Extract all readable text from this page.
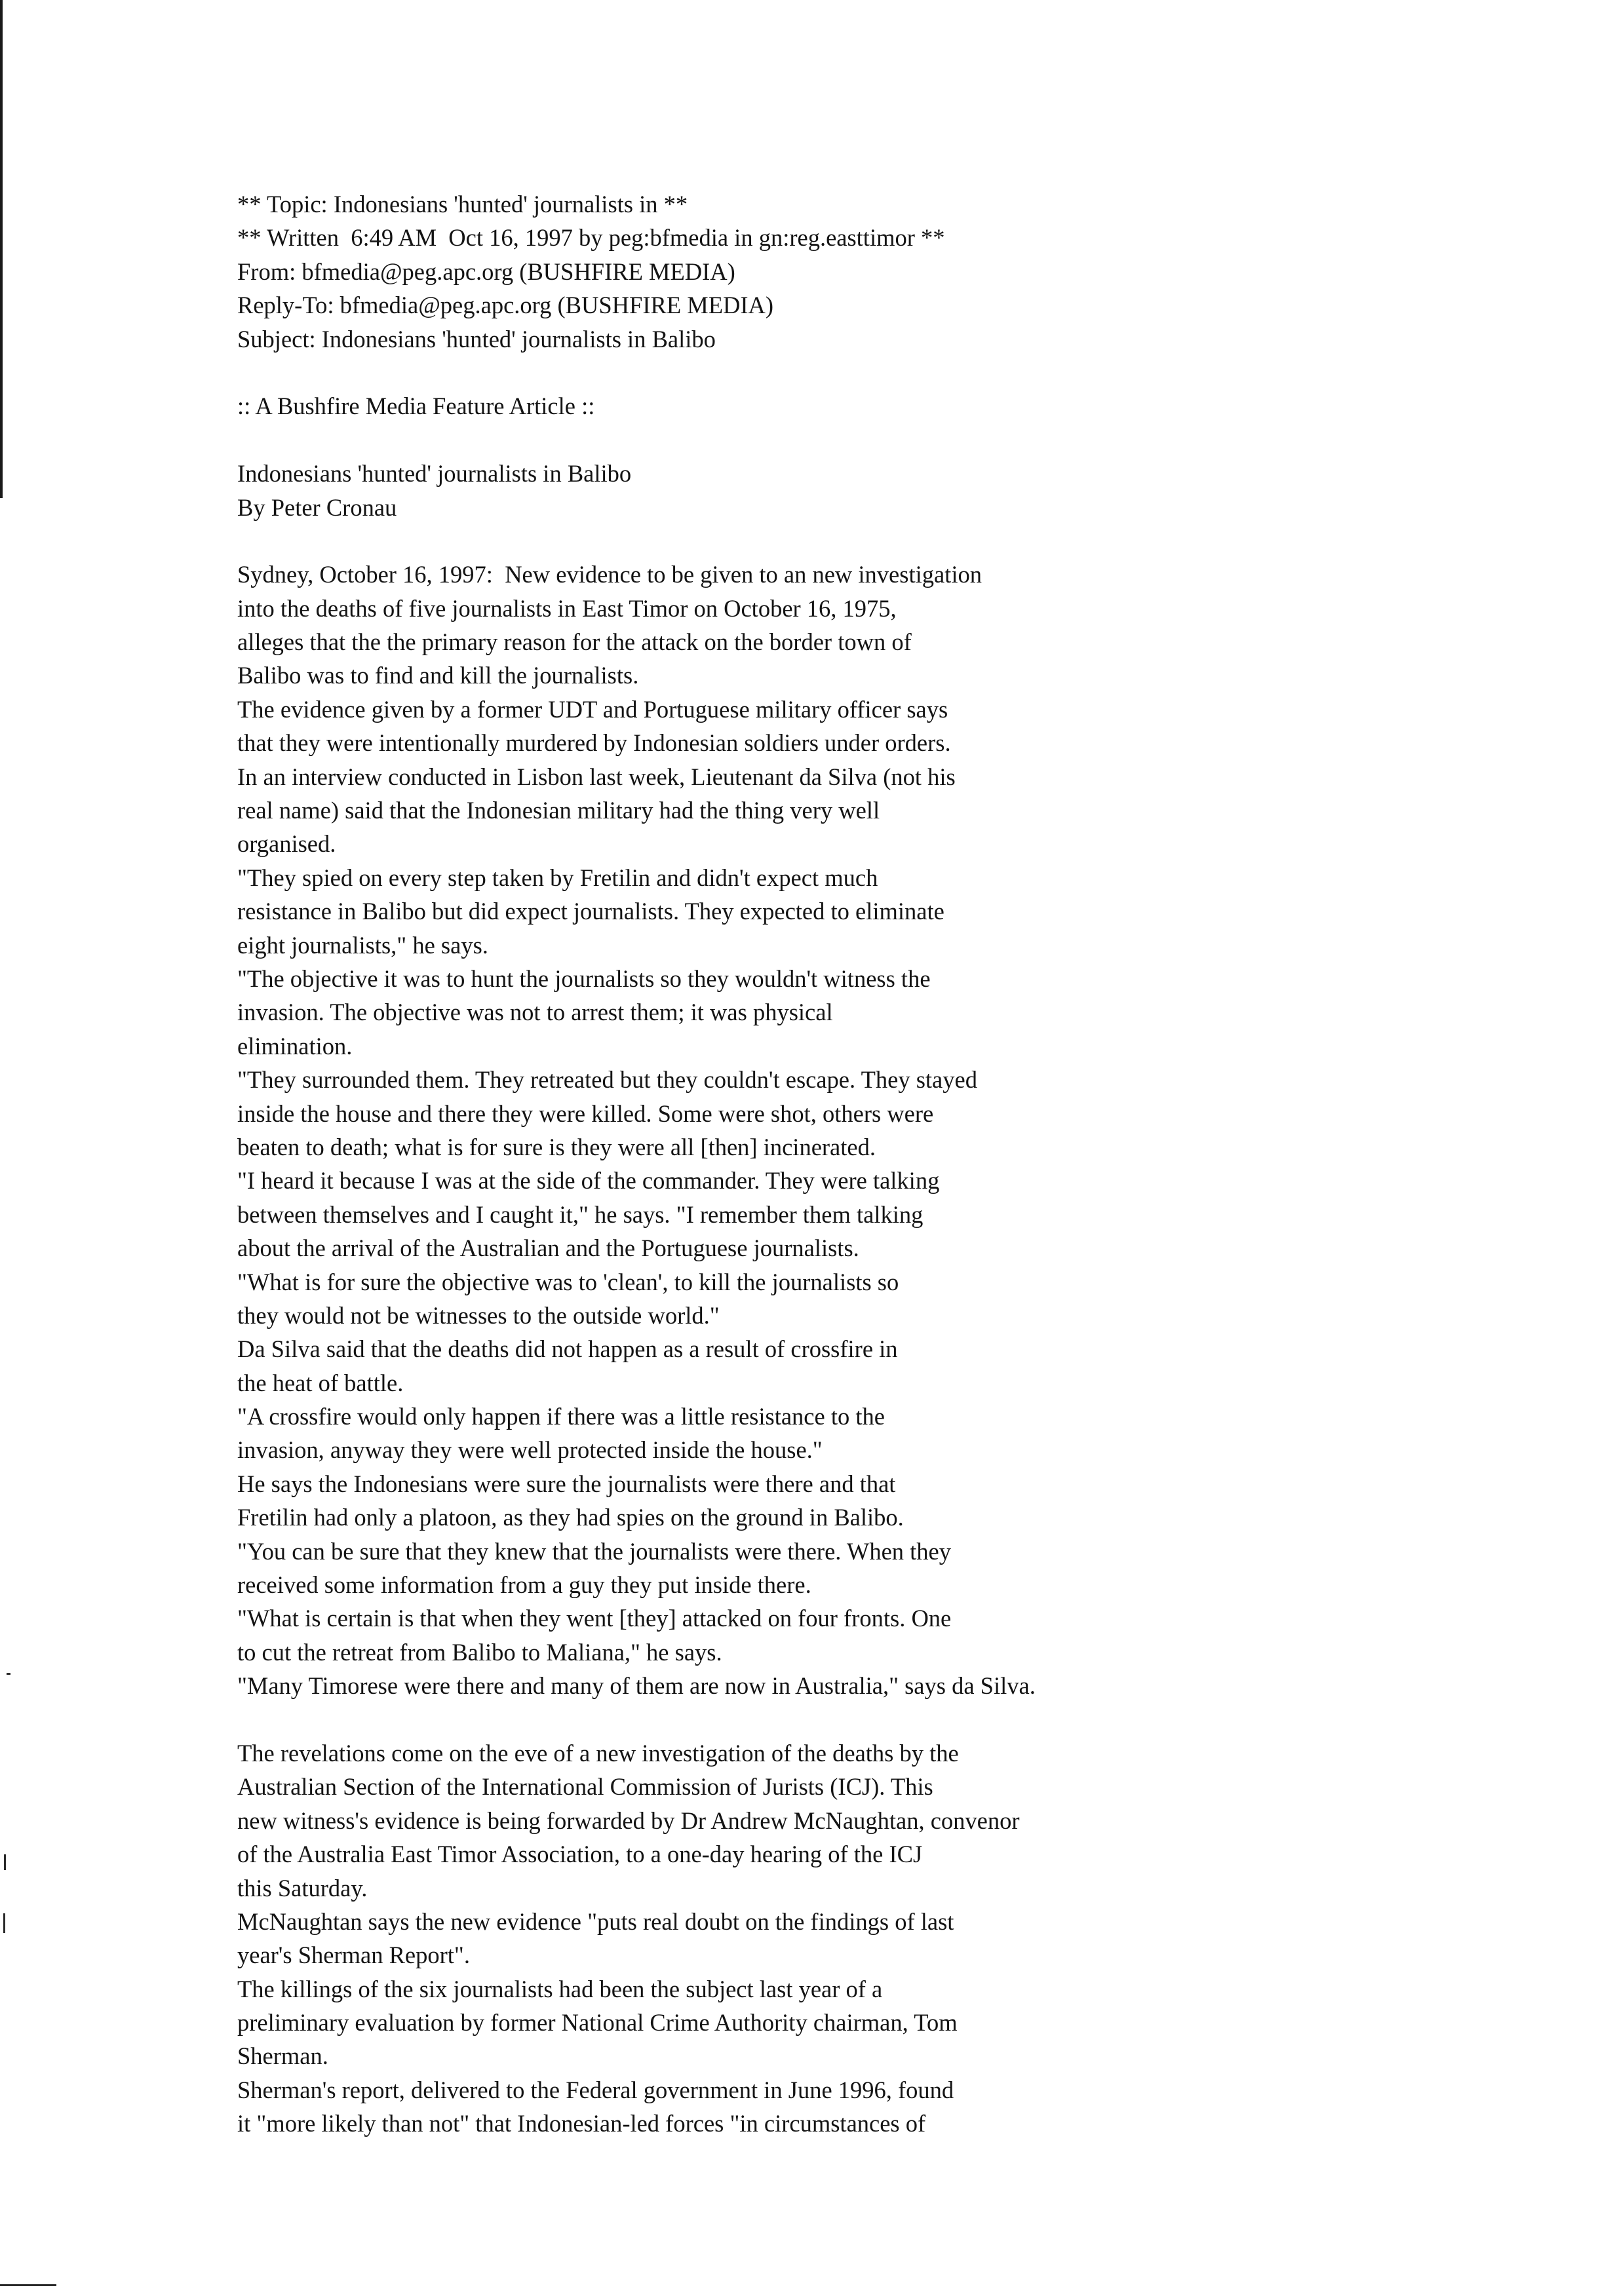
** Topic: Indonesians 'hunted' journalists in **
** Written  6:49 AM  Oct 16, 1997 by peg:bfmedia in gn:reg.easttimor **
From: bfmedia@peg.apc.org (BUSHFIRE MEDIA)
Reply-To: bfmedia@peg.apc.org (BUSHFIRE MEDIA)
Subject: Indonesians 'hunted' journalists in Balibo
:: A Bushfire Media Feature Article ::
Indonesians 'hunted' journalists in Balibo
By Peter Cronau
Sydney, October 16, 1997:  New evidence to be given to an new investigation
into the deaths of five journalists in East Timor on October 16, 1975,
alleges that the the primary reason for the attack on the border town of
Balibo was to find and kill the journalists.
The evidence given by a former UDT and Portuguese military officer says
that they were intentionally murdered by Indonesian soldiers under orders.
In an interview conducted in Lisbon last week, Lieutenant da Silva (not his
real name) said that the Indonesian military had the thing very well
organised.
"They spied on every step taken by Fretilin and didn't expect much
resistance in Balibo but did expect journalists. They expected to eliminate
eight journalists," he says.
"The objective it was to hunt the journalists so they wouldn't witness the
invasion. The objective was not to arrest them; it was physical
elimination.
"They surrounded them. They retreated but they couldn't escape. They stayed
inside the house and there they were killed. Some were shot, others were
beaten to death; what is for sure is they were all [then] incinerated.
"I heard it because I was at the side of the commander. They were talking
between themselves and I caught it," he says. "I remember them talking
about the arrival of the Australian and the Portuguese journalists.
"What is for sure the objective was to 'clean', to kill the journalists so
they would not be witnesses to the outside world."
Da Silva said that the deaths did not happen as a result of crossfire in
the heat of battle.
"A crossfire would only happen if there was a little resistance to the
invasion, anyway they were well protected inside the house."
He says the Indonesians were sure the journalists were there and that
Fretilin had only a platoon, as they had spies on the ground in Balibo.
"You can be sure that they knew that the journalists were there. When they
received some information from a guy they put inside there.
"What is certain is that when they went [they] attacked on four fronts. One
to cut the retreat from Balibo to Maliana," he says.
"Many Timorese were there and many of them are now in Australia," says da Silva.
The revelations come on the eve of a new investigation of the deaths by the
Australian Section of the International Commission of Jurists (ICJ). This
new witness's evidence is being forwarded by Dr Andrew McNaughtan, convenor
of the Australia East Timor Association, to a one-day hearing of the ICJ
this Saturday.
McNaughtan says the new evidence "puts real doubt on the findings of last
year's Sherman Report".
The killings of the six journalists had been the subject last year of a
preliminary evaluation by former National Crime Authority chairman, Tom
Sherman.
Sherman's report, delivered to the Federal government in June 1996, found
it "more likely than not" that Indonesian-led forces "in circumstances of
